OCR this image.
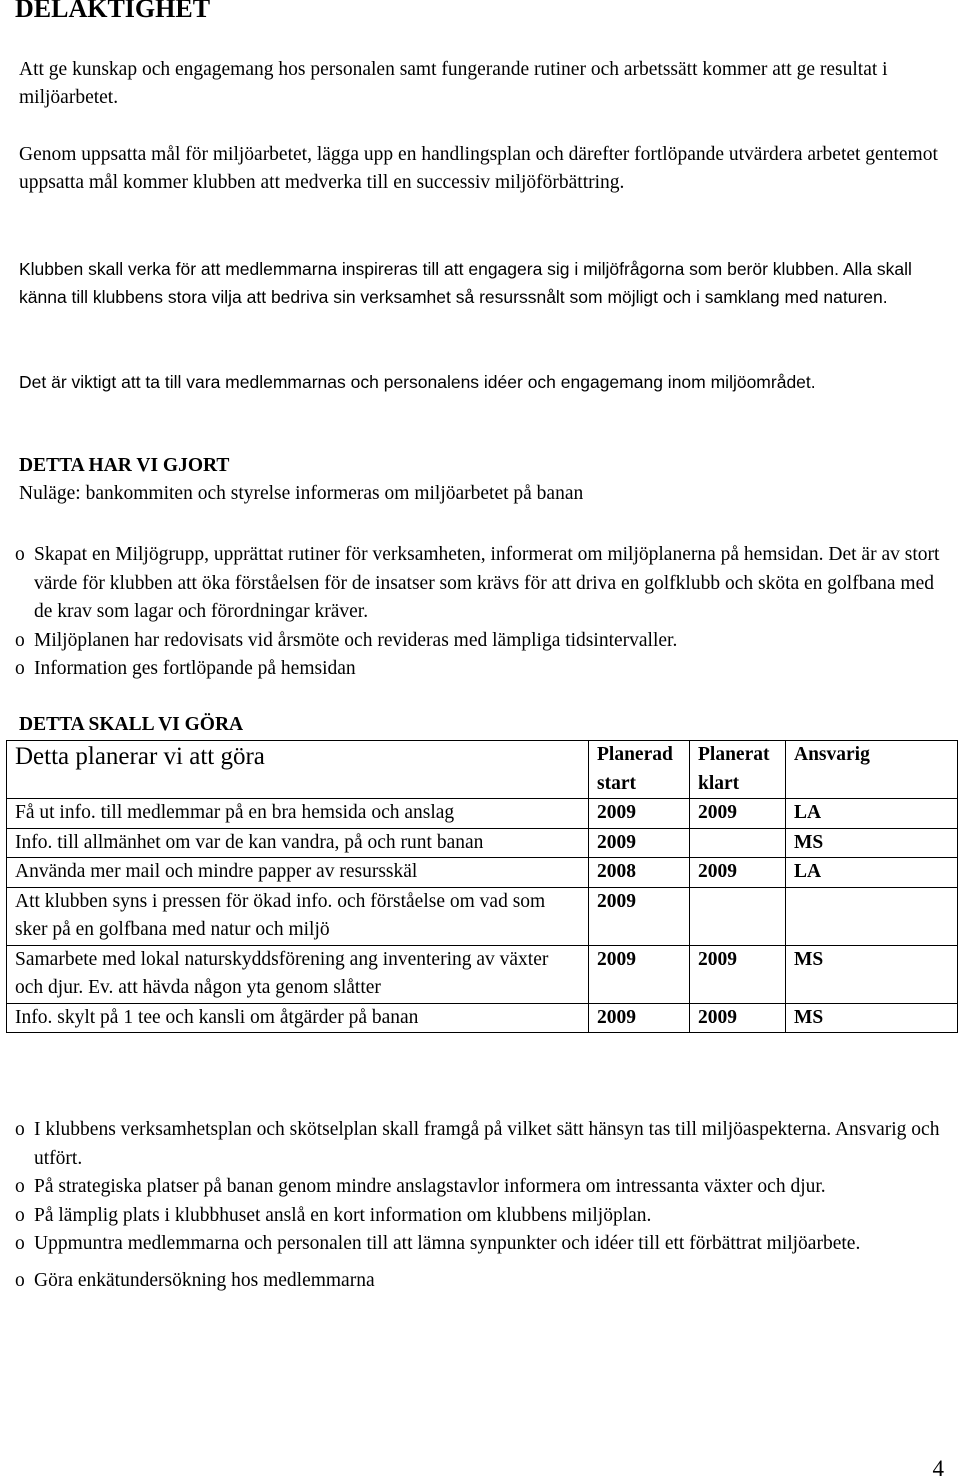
DELAKTIGHET

Att ge kunskap och engagemang hos personalen samt fungerande rutiner och arbetssätt kommer att ge resultat i miljöarbetet.

Genom uppsatta mål för miljöarbetet, lägga upp en handlingsplan och därefter fortlöpande utvärdera arbetet gentemot uppsatta mål kommer klubben att medverka till en successiv miljöförbättring.

Klubben skall verka för att medlemmarna inspireras till att engagera sig i miljöfrågorna som berör klubben. Alla skall känna till klubbens stora vilja att bedriva sin verksamhet så resurssnålt som möjligt och i samklang med naturen.

Det är viktigt att ta till vara medlemmarnas och personalens idéer och engagemang inom miljöområdet.

DETTA HAR VI GJORT

Nuläge: bankommiten och styrelse informeras om miljöarbetet på banan

o Skapat en Miljögrupp, upprättat rutiner för verksamheten, informerat om miljöplanerna på hemsidan. Det är av stort värde för klubben att öka förståelsen för de insatser som krävs för att driva en golfklubb och sköta en golfbana med de krav som lagar och förordningar kräver.
o Miljöplanen har redovisats vid årsmöte och revideras med lämpliga tidsintervaller.
o Information ges fortlöpande på hemsidan
DETTA SKALL VI GÖRA
Detta planerar vi att göra	Planerad start	Planerat klart	Ansvarig
Få ut info. till medlemmar på en bra hemsida och anslag	2009	2009	LA
Info. till allmänhet om var de kan vandra, på och runt banan	2009		MS
Använda mer mail och mindre papper av resursskäl	2008	2009	LA
Att klubben syns i pressen för ökad info. och förståelse om vad som sker på en golfbana med natur och miljö	2009		
Samarbete med lokal naturskyddsförening ang inventering av växter och djur. Ev. att hävda någon yta genom slåtter	2009	2009	MS
Info. skylt på 1 tee och kansli om åtgärder på banan	2009	2009	MS
o I klubbens verksamhetsplan och skötselplan skall framgå på vilket sätt hänsyn tas till miljöaspekterna. Ansvarig och utfört.
o På strategiska platser på banan genom mindre anslagstavlor informera om intressanta växter och djur.
o På lämplig plats i klubbhuset anslå en kort information om klubbens miljöplan.
o Uppmuntra medlemmarna och personalen till att lämna synpunkter och idéer till ett förbättrat miljöarbete.
o Göra enkätundersökning hos medlemmarna

4
